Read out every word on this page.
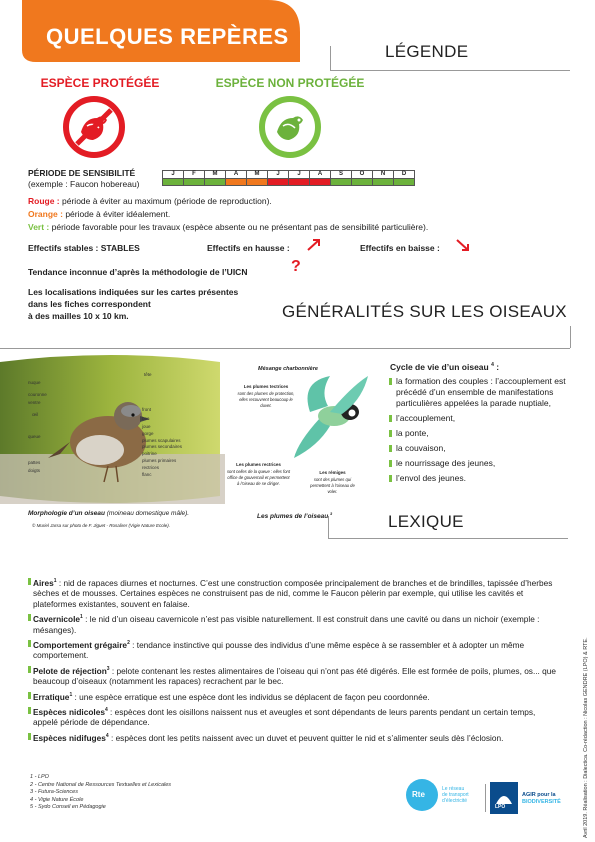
QUELQUES REPÈRES
LÉGENDE
ESPÈCE PROTÉGÉE	ESPÈCE NON PROTÉGÉE
PÉRIODE DE SENSIBILITÉ
(exemple : Faucon hobereau)
J	F	M	A	M	J	J	A	S	O	N	D

Rouge : période à éviter au maximum (période de reproduction).
Orange : période à éviter idéalement.
Vert : période favorable pour les travaux (espèce absente ou ne présentant pas de sensibilité particulière).
Effectifs stables : STABLES	Effectifs en hausse :	Effectifs en baisse :
Tendance inconnue d’après la méthodologie de l’UICN	?
Les localisations indiquées sur les cartes présentes
dans les fiches correspondent
à des mailles 10 x 10 km.	GÉNÉRALITÉS SUR LES OISEAUX
tête
nuque
couronne
front
œil
bec
joue
gorge
plumes scapulaires
plumes secondaires
poitrine
plumes primaires
rectrices
flanc
queue
pattes
doigts
ventre
Morphologie d’un oiseau (moineau domestique mâle).
© Muriel Jarsa sur photo de F. Jiguet - Rosalirer (Vigie Nature Ecole).
Mésange charbonnière
Les plumes tectrices
sont des plumes de protection, elles recouvrent beaucoup le duvet.
Les plumes rectrices
sont celles de la queue : elles font office de gouvernail et permettent à l’oiseau de se diriger.
Les rémiges
sont des plumes qui permettent à l’oiseau de voler.
Les plumes de l’oiseau $^3$
Cycle de vie d’un oiseau $^4$ :
la formation des couples : l’accouplement est précédé d’un ensemble de manifestations particulières appelées la parade nuptiale,
l’accouplement,
la ponte,
la couvaison,
le nourrissage des jeunes,
l’envol des jeunes.
LEXIQUE
Aires$^1$ : nid de rapaces diurnes et nocturnes. C’est une construction composée principalement de branches et de brindilles, tapissée d’herbes sèches et de mousses. Certaines espèces ne construisent pas de nid, comme le Faucon pèlerin par exemple, qui utilise les cavités et plateformes existantes, souvent en falaise.
Cavernicole$^1$ : le nid d’un oiseau cavernicole n’est pas visible naturellement. Il est construit dans une cavité ou dans un nichoir (exemple : mésanges).
Comportement grégaire$^2$ : tendance instinctive qui pousse des individus d’une même espèce à se rassembler et à adopter un même comportement.
Pelote de réjection$^3$ : pelote contenant les restes alimentaires de l’oiseau qui n’ont pas été digérés. Elle est formée de poils, plumes, os... que beaucoup d’oiseaux (notamment les rapaces) recrachent par le bec.
Erratique$^1$ : une espèce erratique est une espèce dont les individus se déplacent de façon peu coordonnée.
Espèces nidicoles$^4$ : espèces dont les oisillons naissent nus et aveugles et sont dépendants de leurs parents pendant un certain temps, appelé période de dépendance.
Espèces nidifuges$^4$ : espèces dont les petits naissent avec un duvet et peuvent quitter le nid et s’alimenter seuls dès l’éclosion.
1 - LPO
2 - Centre National de Ressources Textuelles et Lexicales
3 - Futura-Sciences
4 - Vigie Nature École
5 - Sydo Conseil en Pédagogie
Rte
Le réseau
de transport
d’électricité
LPO
AGIR pour la
BIODIVERSITÉ	Avril 2019. Réalisation : Dialectica. Co-rédaction : Nicolas GENDRE (LPO) & RTE.
